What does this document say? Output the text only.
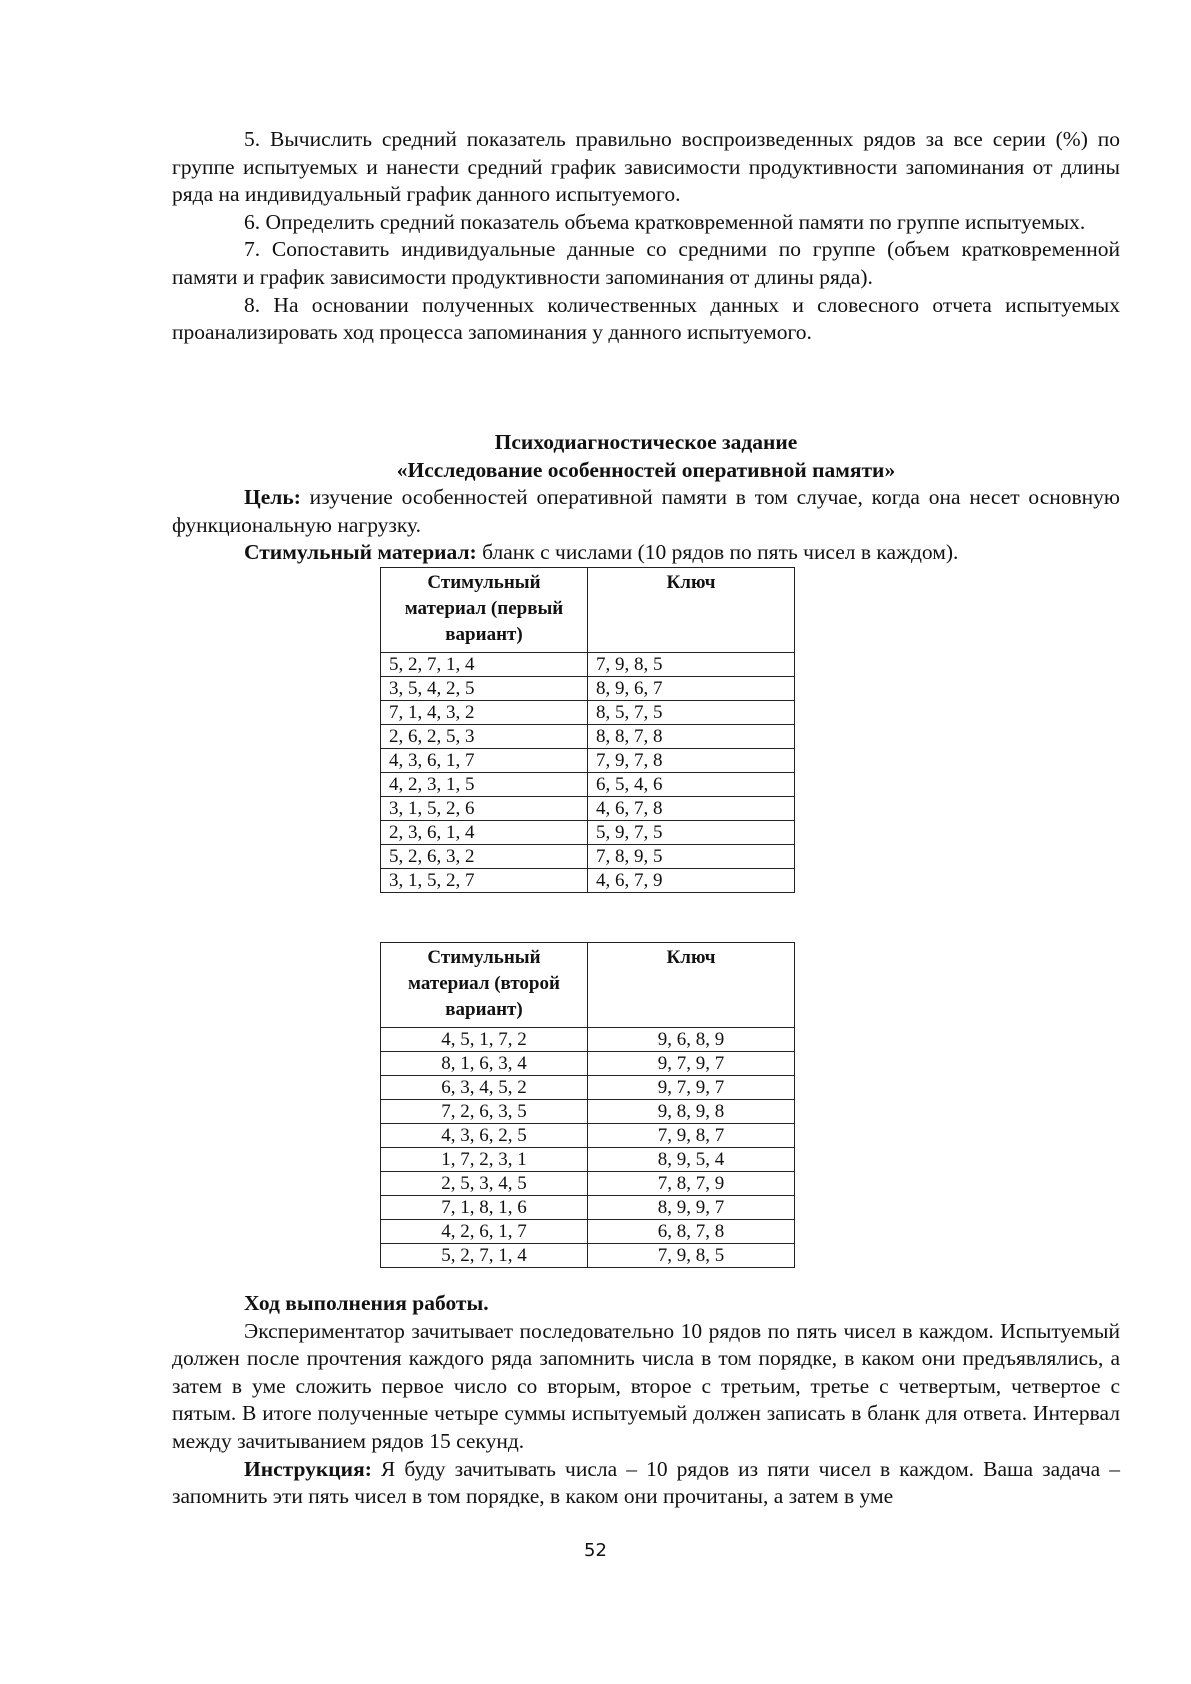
5. Вычислить средний показатель правильно воспроизведенных рядов за все серии (%) по группе испытуемых и нанести средний график зависимости продуктивности запоминания от длины ряда на индивидуальный график данного испытуемого.

6. Определить средний показатель объема кратковременной памяти по группе испытуемых.

7. Сопоставить индивидуальные данные со средними по группе (объем кратковременной памяти и график зависимости продуктивности запоминания от длины ряда).

8. На основании полученных количественных данных и словесного отчета испытуемых проанализировать ход процесса запоминания у данного испытуемого.

Психодиагностическое задание

«Исследование особенностей оперативной памяти»

Цель: изучение особенностей оперативной памяти в том случае, когда она несет основную функциональную нагрузку.

Стимульный материал: бланк с числами (10 рядов по пять чисел в каждом).

Стимульный материал (первый вариант)	Ключ
5, 2, 7, 1, 4	7, 9, 8, 5
3, 5, 4, 2, 5	8, 9, 6, 7
7, 1, 4, 3, 2	8, 5, 7, 5
2, 6, 2, 5, 3	8, 8, 7, 8
4, 3, 6, 1, 7	7, 9, 7, 8
4, 2, 3, 1, 5	6, 5, 4, 6
3, 1, 5, 2, 6	4, 6, 7, 8
2, 3, 6, 1, 4	5, 9, 7, 5
5, 2, 6, 3, 2	7, 8, 9, 5
3, 1, 5, 2, 7	4, 6, 7, 9
Стимульный материал (второй вариант)	Ключ
4, 5, 1, 7, 2	9, 6, 8, 9
8, 1, 6, 3, 4	9, 7, 9, 7
6, 3, 4, 5, 2	9, 7, 9, 7
7, 2, 6, 3, 5	9, 8, 9, 8
4, 3, 6, 2, 5	7, 9, 8, 7
1, 7, 2, 3, 1	8, 9, 5, 4
2, 5, 3, 4, 5	7, 8, 7, 9
7, 1, 8, 1, 6	8, 9, 9, 7
4, 2, 6, 1, 7	6, 8, 7, 8
5, 2, 7, 1, 4	7, 9, 8, 5

Ход выполнения работы.

Экспериментатор зачитывает последовательно 10 рядов по пять чисел в каждом. Испытуемый должен после прочтения каждого ряда запомнить числа в том порядке, в каком они предъявлялись, а затем в уме сложить первое число со вторым, второе с третьим, третье с четвертым, четвертое с пятым. В итоге полученные четыре суммы испытуемый должен записать в бланк для ответа. Интервал между зачитыванием рядов 15 секунд.

Инструкция: Я буду зачитывать числа – 10 рядов из пяти чисел в каждом. Ваша задача – запомнить эти пять чисел в том порядке, в каком они прочитаны, а затем в уме

52
